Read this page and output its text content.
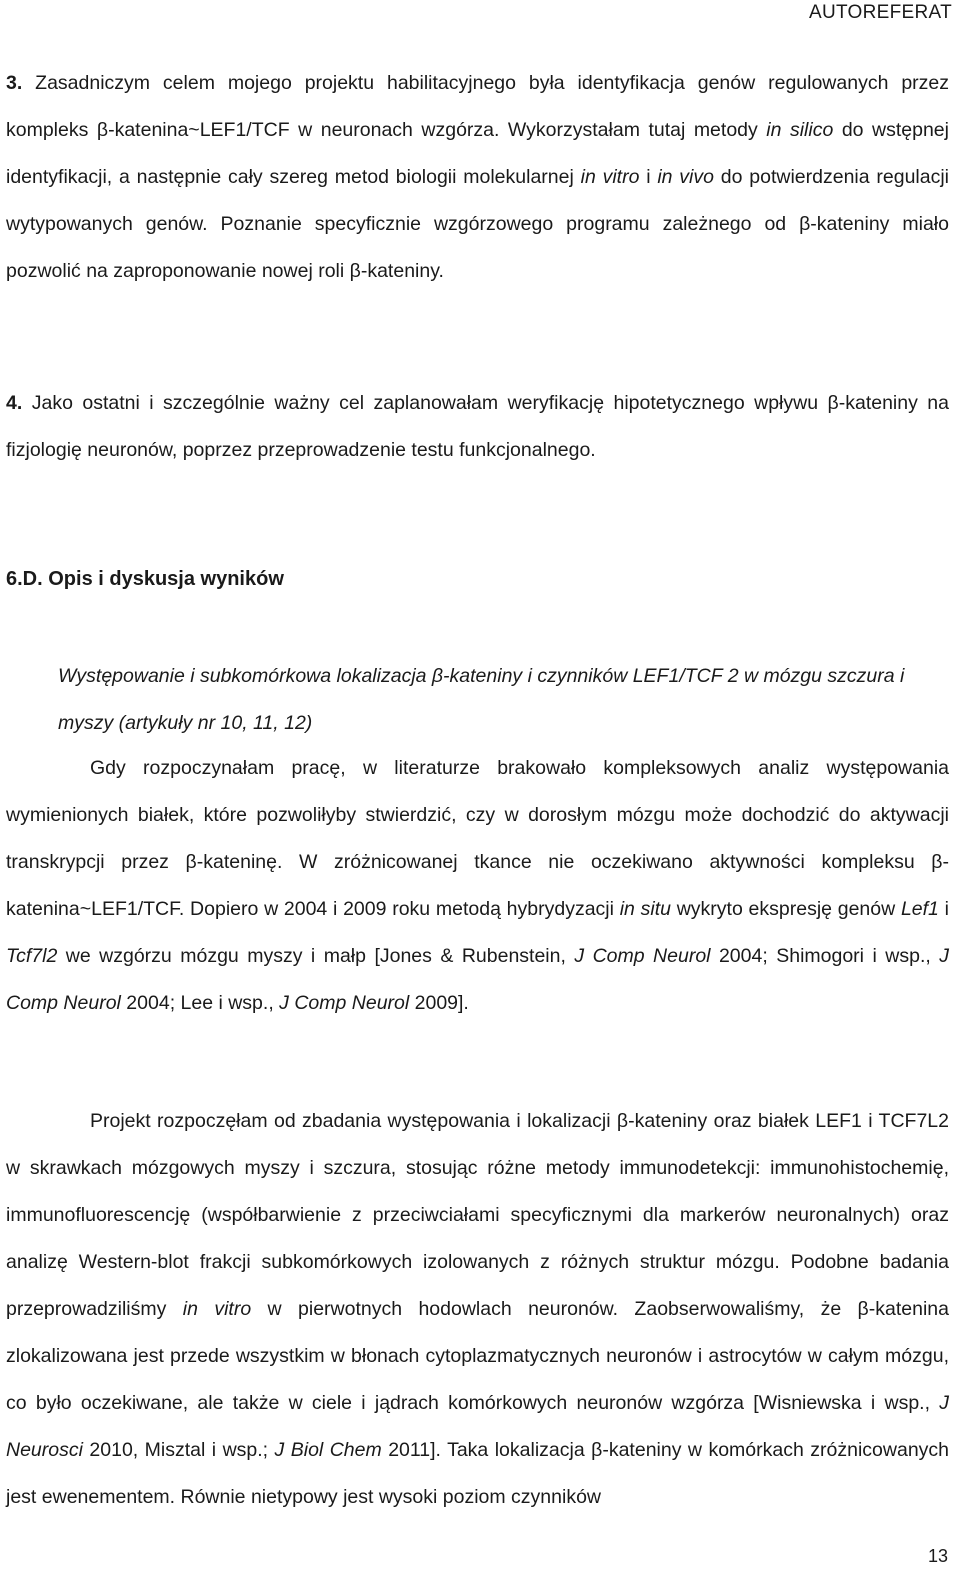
AUTOREFERAT

3. Zasadniczym celem mojego projektu habilitacyjnego była identyfikacja genów regulowanych przez kompleks β-katenina~LEF1/TCF w neuronach wzgórza. Wykorzystałam tutaj metody in silico do wstępnej identyfikacji, a następnie cały szereg metod biologii molekularnej in vitro i in vivo do potwierdzenia regulacji wytypowanych genów. Poznanie specyficznie wzgórzowego programu zależnego od β-kateniny miało pozwolić na zaproponowanie nowej roli β-kateniny.

4. Jako ostatni i szczególnie ważny cel zaplanowałam weryfikację hipotetycznego wpływu β-kateniny na fizjologię neuronów, poprzez przeprowadzenie testu funkcjonalnego.

6.D. Opis i dyskusja wyników

Występowanie i subkomórkowa lokalizacja β-kateniny i czynników LEF1/TCF 2 w mózgu szczura i myszy (artykuły nr 10, 11, 12)

Gdy rozpoczynałam pracę, w literaturze brakowało kompleksowych analiz występowania wymienionych białek, które pozwoliłyby stwierdzić, czy w dorosłym mózgu może dochodzić do aktywacji transkrypcji przez β-kateninę. W zróżnicowanej tkance nie oczekiwano aktywności kompleksu β-katenina~LEF1/TCF. Dopiero w 2004 i 2009 roku metodą hybrydyzacji in situ wykryto ekspresję genów Lef1 i Tcf7l2 we wzgórzu mózgu myszy i małp [Jones & Rubenstein, J Comp Neurol 2004; Shimogori i wsp., J Comp Neurol 2004; Lee i wsp., J Comp Neurol 2009].

Projekt rozpoczęłam od zbadania występowania i lokalizacji β-kateniny oraz białek LEF1 i TCF7L2 w skrawkach mózgowych myszy i szczura, stosując różne metody immunodetekcji: immunohistochemię, immunofluorescencję (współbarwienie z przeciwciałami specyficznymi dla markerów neuronalnych) oraz analizę Western-blot frakcji subkomórkowych izolowanych z różnych struktur mózgu. Podobne badania przeprowadziliśmy in vitro w pierwotnych hodowlach neuronów. Zaobserwowaliśmy, że β-katenina zlokalizowana jest przede wszystkim w błonach cytoplazmatycznych neuronów i astrocytów w całym mózgu, co było oczekiwane, ale także w ciele i jądrach komórkowych neuronów wzgórza [Wisniewska i wsp., J Neurosci 2010, Misztal i wsp.; J Biol Chem 2011]. Taka lokalizacja β-kateniny w komórkach zróżnicowanych jest ewenementem. Równie nietypowy jest wysoki poziom czynników

13
